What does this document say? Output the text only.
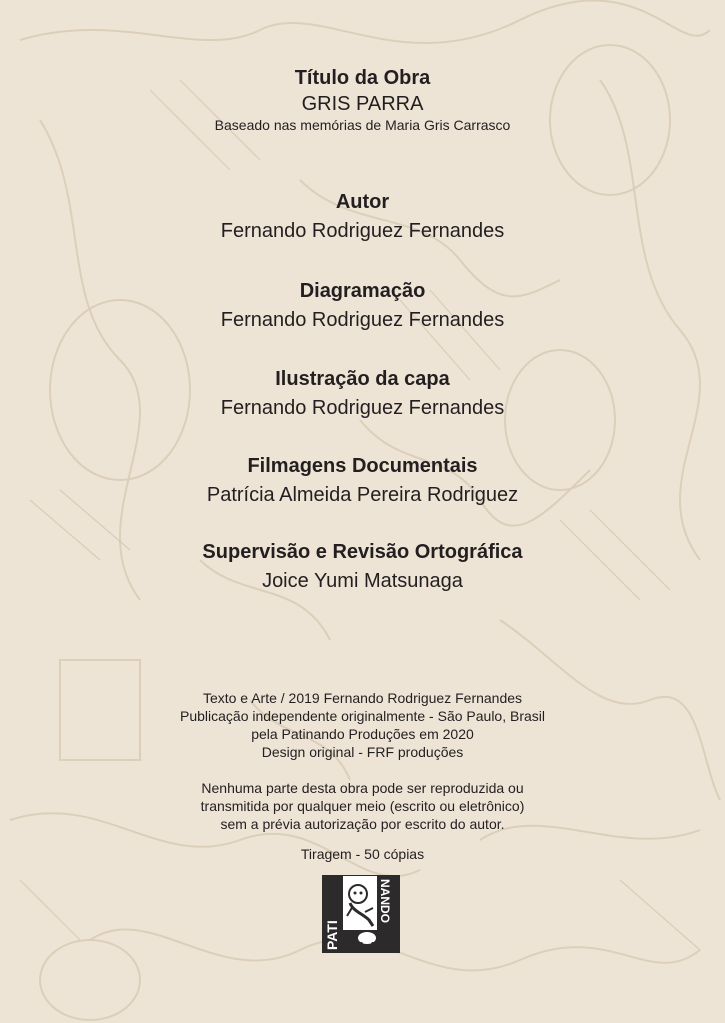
Título da Obra
GRIS PARRA
Baseado nas memórias de Maria Gris Carrasco
Autor
Fernando Rodriguez Fernandes
Diagramação
Fernando Rodriguez Fernandes
Ilustração da capa
Fernando Rodriguez Fernandes
Filmagens Documentais
Patrícia Almeida Pereira Rodriguez
Supervisão e Revisão Ortográfica
Joice Yumi Matsunaga
Texto e Arte / 2019 Fernando Rodriguez Fernandes
Publicação independente originalmente - São Paulo, Brasil
pela Patinando Produções em 2020
Design original - FRF produções
Nenhuma parte desta obra pode ser reproduzida ou
transmitida por qualquer meio (escrito ou eletrônico)
sem a prévia autorização por escrito do autor.
Tiragem - 50 cópias
PATI
NANDO
